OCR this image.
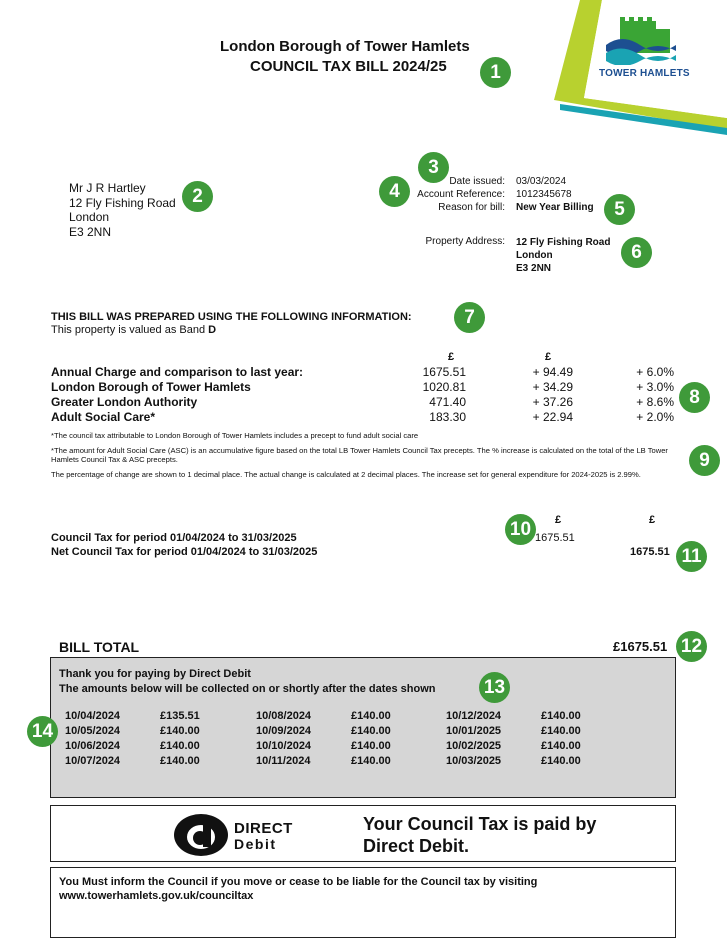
TOWER HAMLETS
London Borough of Tower Hamlets
COUNCIL TAX BILL 2024/25	1
Mr J R Hartley
12 Fly Fishing Road
London
E3 2NN
2
3
4	Date issued: 03/03/2024
Account Reference: 1012345678
Reason for bill: New Year Billing	5
Property Address: 12 Fly Fishing Road
London
E3 2NN
6
THIS BILL WAS PREPARED USING THE FOLLOWING INFORMATION:
This property is valued as Band D
7
£	£
Annual Charge and comparison to last year:	1675.51	+ 94.49	+ 6.0%
London Borough of Tower Hamlets	1020.81	+ 34.29	+ 3.0%
Greater London Authority	471.40	+ 37.26	+ 8.6%
Adult Social Care*	183.30	+ 22.94	+ 2.0%
8
*The council tax attributable to London Borough of Tower Hamlets includes a precept to fund adult social care
*The amount for Adult Social Care (ASC) is an accumulative figure based on the total LB Tower Hamlets Council Tax precepts. The % increase is calculated on the total of the LB Tower Hamlets Council Tax & ASC precepts.
The percentage of change are shown to 1 decimal place. The actual change is calculated at 2 decimal places. The increase set for general expenditure for 2024-2025 is 2.99%.
9
£	£
10
Council Tax for period 01/04/2024 to 31/03/2025	1675.51
Net Council Tax for period 01/04/2024 to 31/03/2025	1675.51 11
BILL TOTAL	£1675.51 12
Thank you for paying by Direct Debit
The amounts below will be collected on or shortly after the dates shown	13
10/04/2024	£135.51
10/05/2024	£140.00
10/06/2024	£140.00
10/07/2024	£140.00
10/08/2024	£140.00
10/09/2024	£140.00
10/10/2024	£140.00
10/11/2024	£140.00
10/12/2024	£140.00
10/01/2025	£140.00
10/02/2025	£140.00
10/03/2025	£140.00
14
DIRECT
Debit
Your Council Tax is paid by
Direct Debit.
You Must inform the Council if you move or cease to be liable for the Council tax by visiting
www.towerhamlets.gov.uk/counciltax
